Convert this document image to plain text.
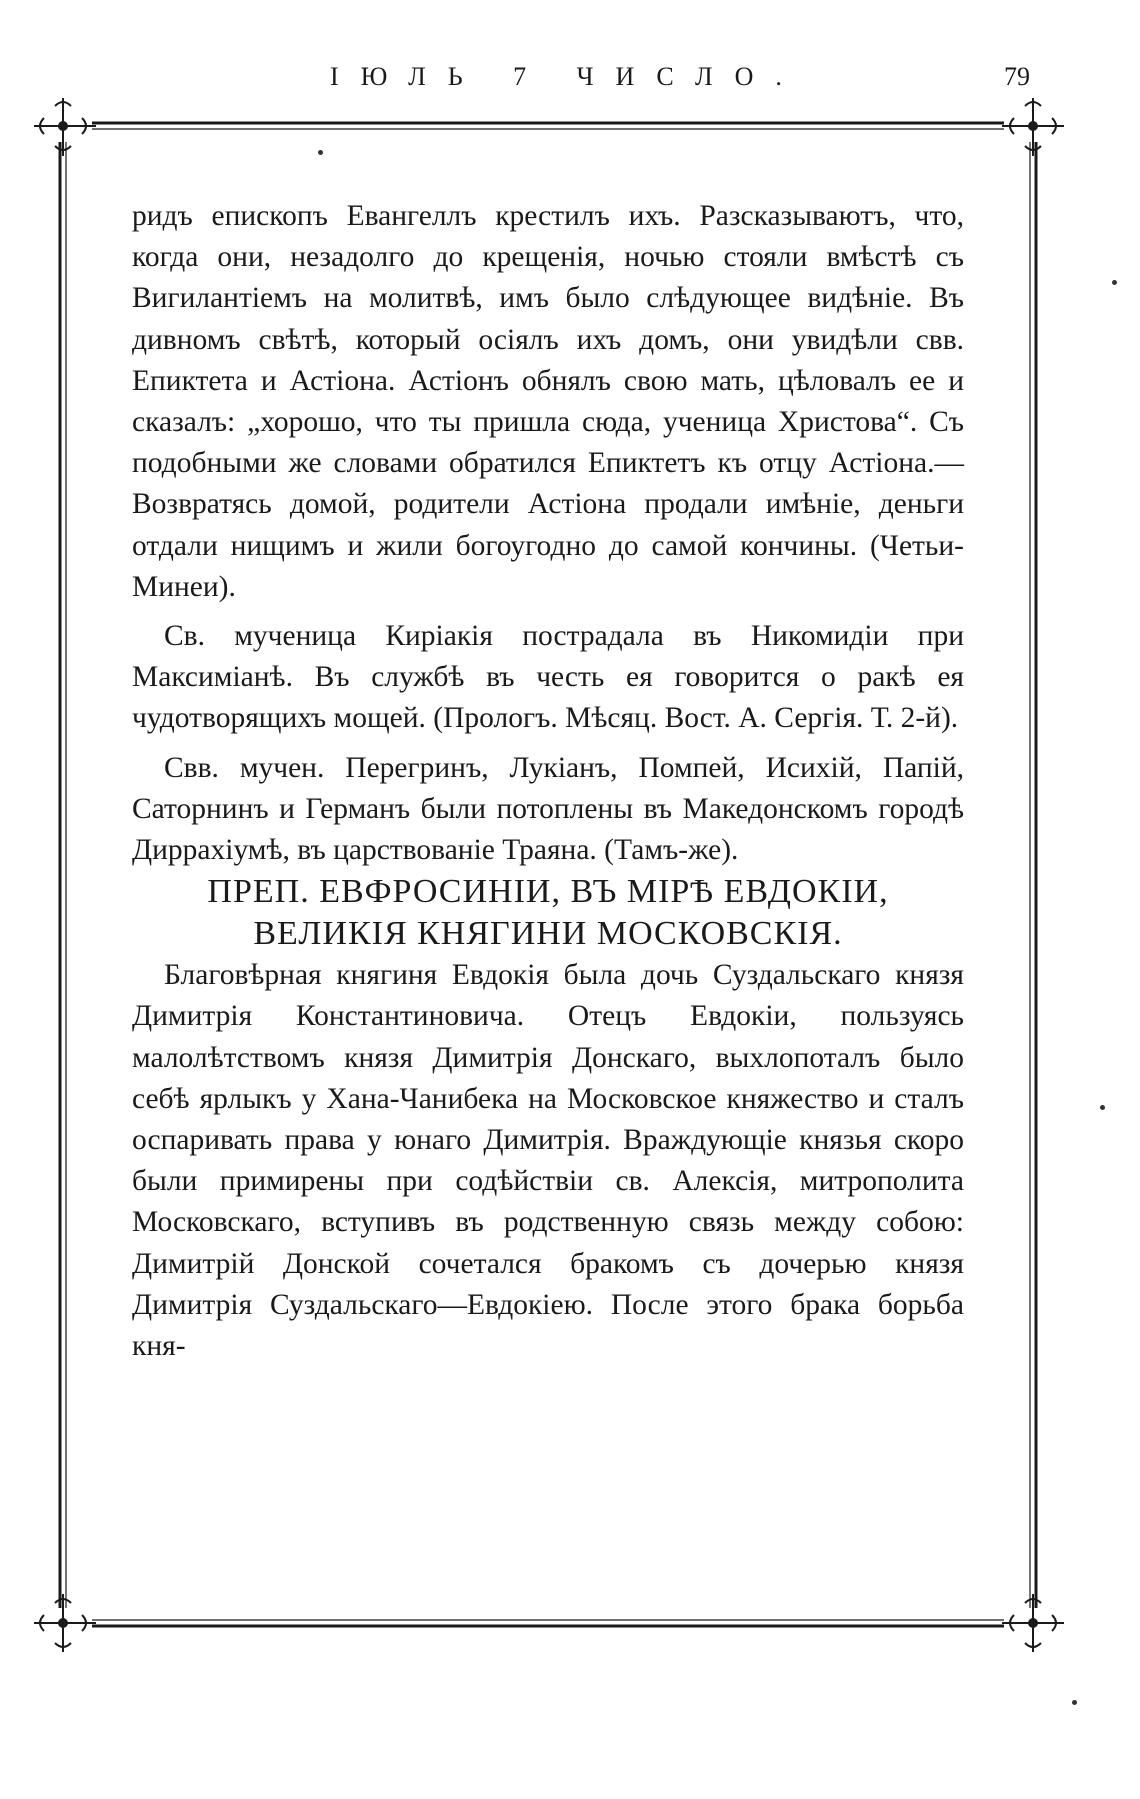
ІЮЛЬ 7 ЧИСЛО.	79

ридъ епископъ Евангеллъ крестилъ ихъ. Разсказываютъ, что, когда они, незадолго до крещенія, ночью стояли вмѣстѣ съ Вигилантіемъ на молитвѣ, имъ было слѣдующее видѣніе. Въ дивномъ свѣтѣ, который осіялъ ихъ домъ, они увидѣли свв. Епиктета и Астіона. Астіонъ обнялъ свою мать, цѣловалъ ее и сказалъ: „хорошо, что ты пришла сюда, ученица Христова“. Съ подобными же словами обратился Епиктетъ къ отцу Астіона.—Возвратясь домой, родители Астіона продали имѣніе, деньги отдали нищимъ и жили богоугодно до самой кончины. (Четьи-Минеи).

Св. мученица Киріакія пострадала въ Никомидіи при Максиміанѣ. Въ службѣ въ честь ея говорится о ракѣ ея чудотворящихъ мощей. (Прологъ. Мѣсяц. Вост. А. Сергія. Т. 2-й).

Свв. мучен. Перегринъ, Лукіанъ, Помпей, Исихій, Папій, Саторнинъ и Германъ были потоплены въ Македонскомъ городѣ Диррахіумѣ, въ царствованіе Траяна. (Тамъ-же).

ПРЕП. ЕВФРОСИНІИ, ВЪ МІРѢ ЕВДОКІИ, ВЕЛИКІЯ КНЯГИНИ МОСКОВСКІЯ.

Благовѣрная княгиня Евдокія была дочь Суздальскаго князя Димитрія Константиновича. Отецъ Евдокіи, пользуясь малолѣтствомъ князя Димитрія Донскаго, выхлопоталъ было себѣ ярлыкъ у Хана-Чанибека на Московское княжество и сталъ оспаривать права у юнаго Димитрія. Враждующіе князья скоро были примирены при содѣйствіи св. Алексія, митрополита Московскаго, вступивъ въ родственную связь между собою: Димитрій Донской сочетался бракомъ съ дочерью князя Димитрія Суздальскаго—Евдокіею. После этого брака борьба кня-
